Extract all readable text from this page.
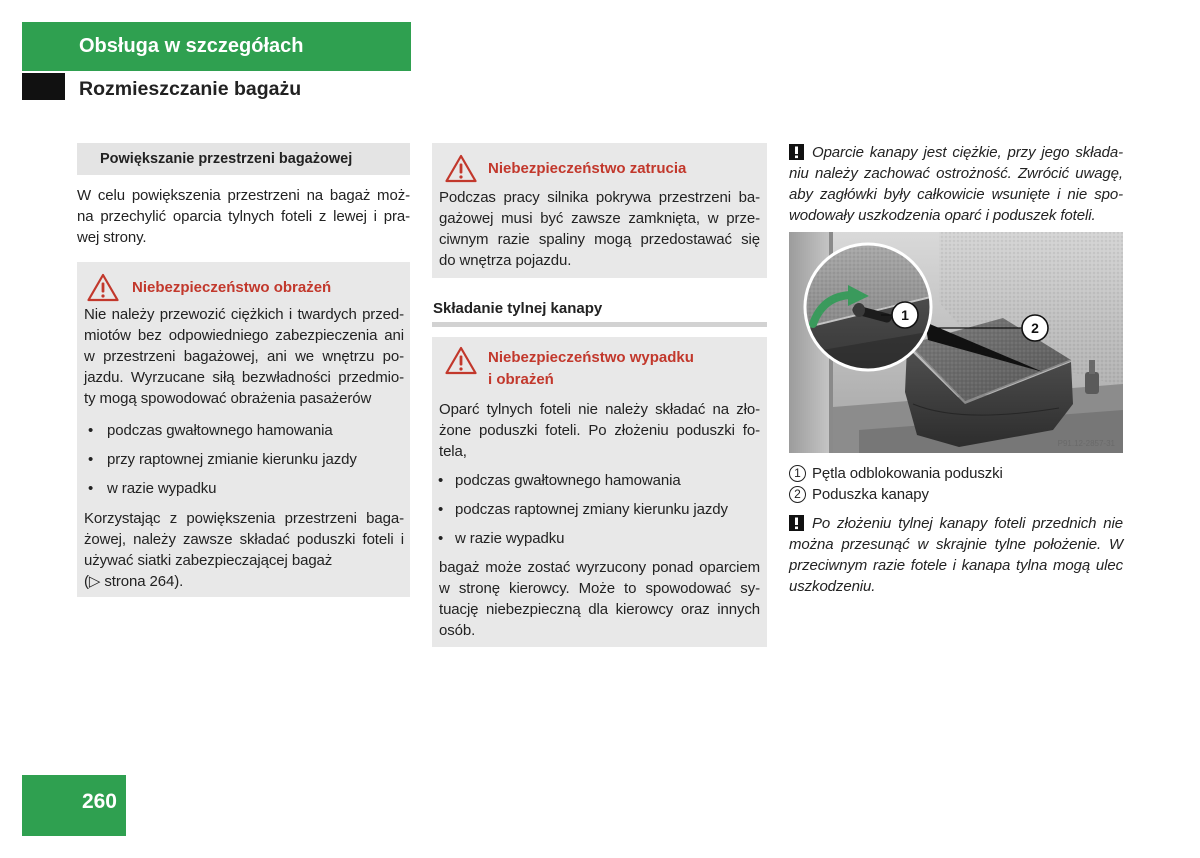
Obsługa w szczegółach
Rozmieszczanie bagażu
Powiększanie przestrzeni bagażowej
W celu powiększenia przestrzeni na bagaż moż-
na przechylić oparcia tylnych foteli z lewej i pra-
wej strony.
Niebezpieczeństwo obrażeń
Nie należy przewozić ciężkich i twardych przed-
miotów bez odpowiedniego zabezpieczenia ani
w przestrzeni bagażowej, ani we wnętrzu po-
jazdu. Wyrzucane siłą bezwładności przedmio-
ty mogą spowodować obrażenia pasażerów
• podczas gwałtownego hamowania
• przy raptownej zmianie kierunku jazdy
• w razie wypadku
Korzystając z powiększenia przestrzeni baga-
żowej, należy zawsze składać poduszki foteli i
używać siatki zabezpieczającej bagaż
(▷ strona 264).
Niebezpieczeństwo zatrucia
Podczas pracy silnika pokrywa przestrzeni ba-
gażowej musi być zawsze zamknięta, w prze-
ciwnym razie spaliny mogą przedostawać się
do wnętrza pojazdu.
Składanie tylnej kanapy
Niebezpieczeństwo wypadku
i obrażeń
Oparć tylnych foteli nie należy składać na zło-
żone poduszki foteli. Po złożeniu poduszki fo-
tela,
• podczas gwałtownego hamowania
• podczas raptownej zmiany kierunku jazdy
• w razie wypadku
bagaż może zostać wyrzucony ponad oparciem
w stronę kierowcy. Może to spowodować sy-
tuację niebezpieczną dla kierowcy oraz innych
osób.
Oparcie kanapy jest ciężkie, przy jego składa-
niu należy zachować ostrożność. Zwrócić uwagę,
aby zagłówki były całkowicie wsunięte i nie spo-
wodowały uszkodzenia oparć i poduszek foteli.
1
2
P91.12-2857-31
1 Pętla odblokowania poduszki
2 Poduszka kanapy
Po złożeniu tylnej kanapy foteli przednich nie
można przesunąć w skrajnie tylne położenie. W
przeciwnym razie fotele i kanapa tylna mogą ulec
uszkodzeniu.
260
